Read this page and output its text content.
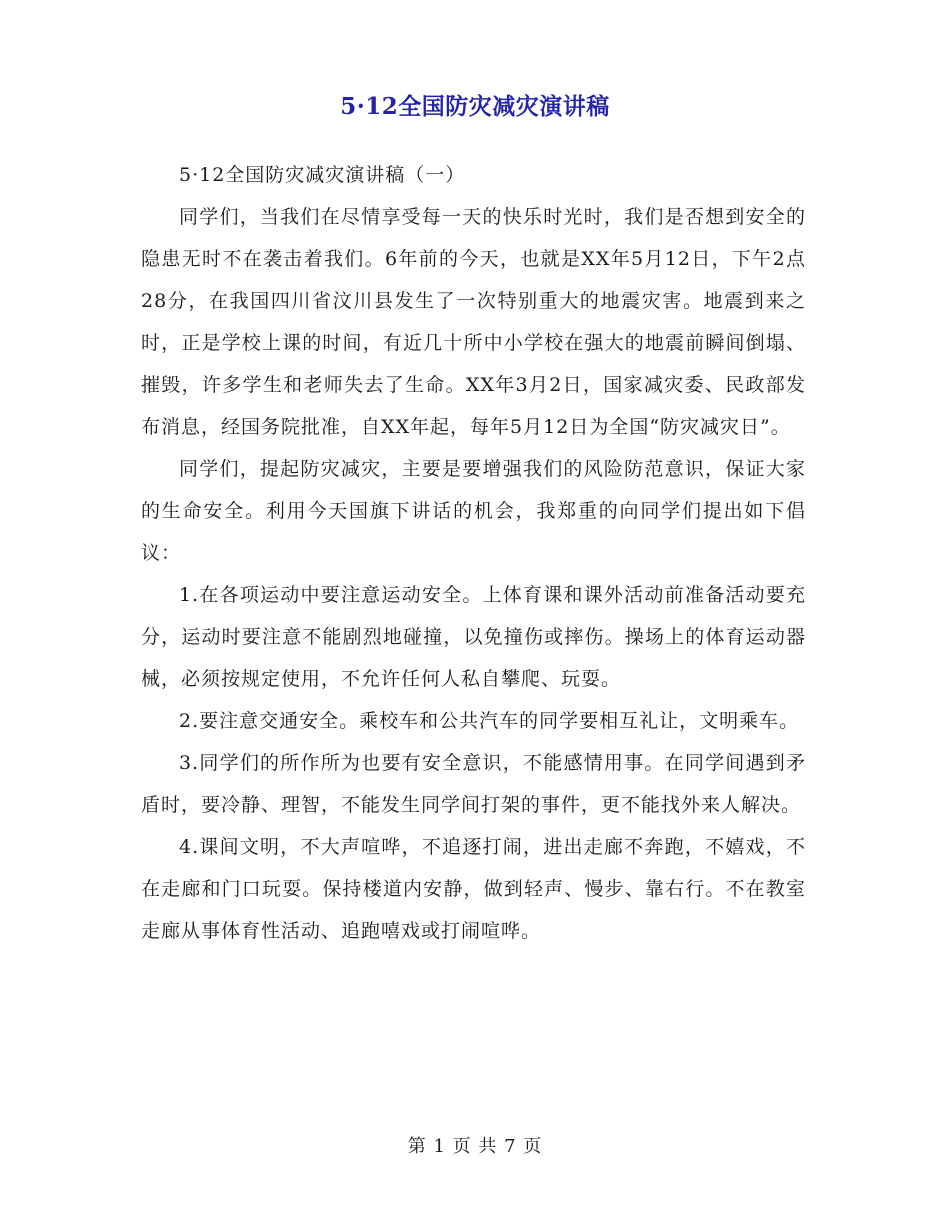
5·12全国防灾减灾演讲稿

5·12全国防灾减灾演讲稿（一）

同学们，当我们在尽情享受每一天的快乐时光时，我们是否想到安全的隐患无时不在袭击着我们。6年前的今天，也就是XX年5月12日，下午2点28分，在我国四川省汶川县发生了一次特别重大的地震灾害。地震到来之时，正是学校上课的时间，有近几十所中小学校在强大的地震前瞬间倒塌、摧毁，许多学生和老师失去了生命。XX年3月2日，国家减灾委、民政部发布消息，经国务院批准，自XX年起，每年5月12日为全国“防灾减灾日”。

同学们，提起防灾减灾，主要是要增强我们的风险防范意识，保证大家的生命安全。利用今天国旗下讲话的机会，我郑重的向同学们提出如下倡议：

1.在各项运动中要注意运动安全。上体育课和课外活动前准备活动要充分，运动时要注意不能剧烈地碰撞，以免撞伤或摔伤。操场上的体育运动器械，必须按规定使用，不允许任何人私自攀爬、玩耍。

2.要注意交通安全。乘校车和公共汽车的同学要相互礼让，文明乘车。

3.同学们的所作所为也要有安全意识，不能感情用事。在同学间遇到矛盾时，要冷静、理智，不能发生同学间打架的事件，更不能找外来人解决。

4.课间文明，不大声喧哗，不追逐打闹，进出走廊不奔跑，不嬉戏，不在走廊和门口玩耍。保持楼道内安静，做到轻声、慢步、靠右行。不在教室走廊从事体育性活动、追跑嘻戏或打闹喧哗。

第 1 页 共 7 页
